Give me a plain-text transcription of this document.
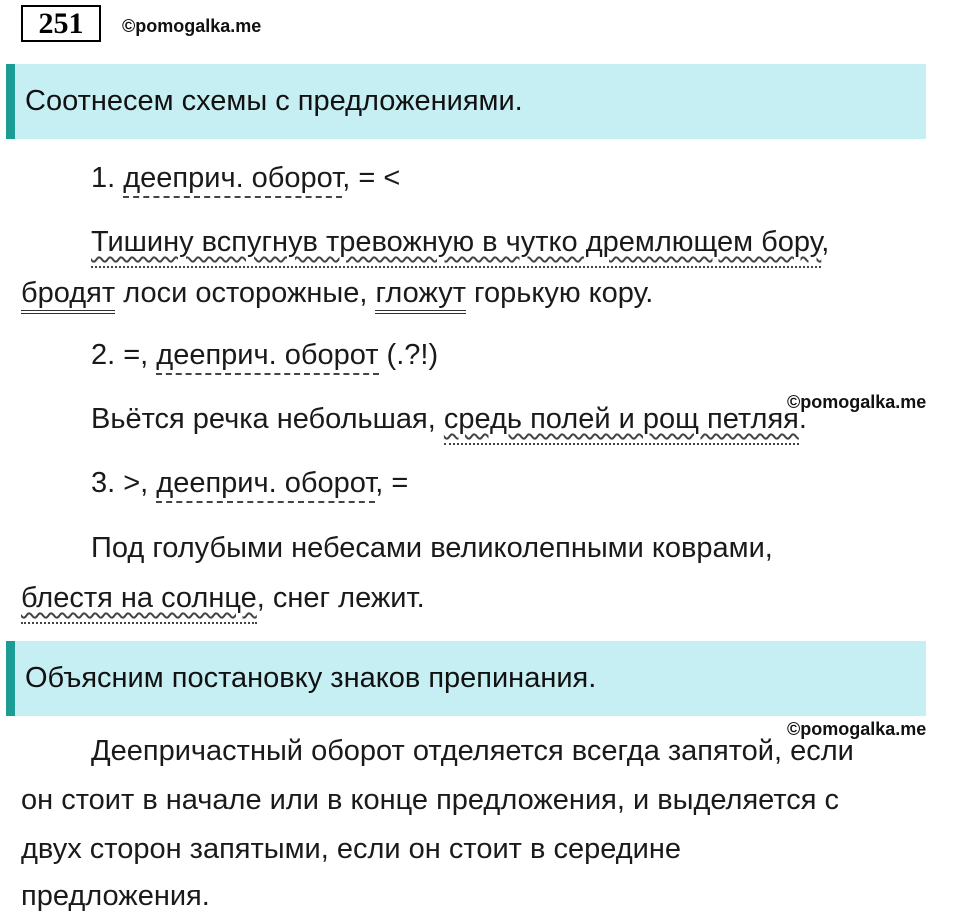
251	©pomogalka.me
Соотнесем схемы с предложениями.
1. дееприч. оборот, = <
Тишину вспугнув тревожную в чутко дремлющем бору,
бродят лоси осторожные, гложут горькую кору.
2. =, дееприч. оборот (.?!)
©pomogalka.me
Вьётся речка небольшая, средь полей и рощ петляя.
3. >, дееприч. оборот, =
Под голубыми небесами великолепными коврами,
блестя на солнце, снег лежит.
Объясним постановку знаков препинания.
©pomogalka.me
Деепричастный оборот отделяется всегда запятой, если
он стоит в начале или в конце предложения, и выделяется с
двух сторон запятыми, если он стоит в середине
предложения.
